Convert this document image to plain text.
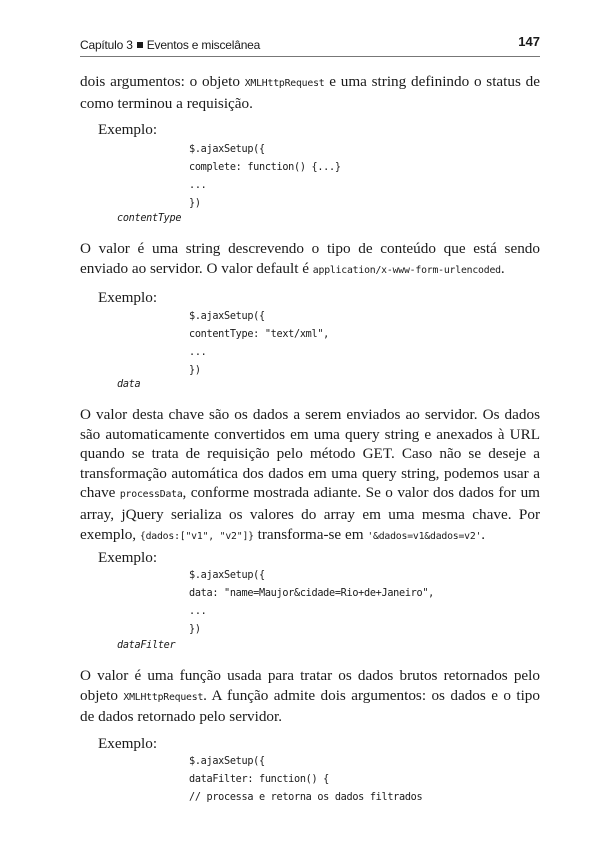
Capítulo 3 Eventos e miscelânea	147

dois argumentos: o objeto XMLHttpRequest e uma string definindo o status de como terminou a requisição.

Exemplo:
$.ajaxSetup({
complete: function() {...}
...
})
contentType

O valor é uma string descrevendo o tipo de conteúdo que está sendo enviado ao servidor. O valor default é application/x-www-form-urlencoded.

Exemplo:
$.ajaxSetup({
contentType: "text/xml",
...
})
data

O valor desta chave são os dados a serem enviados ao servidor. Os dados são automaticamente convertidos em uma query string e anexados à URL quando se trata de requisição pelo método GET. Caso não se deseje a transformação automática dos dados em uma query string, podemos usar a chave processData, conforme mostrada adiante. Se o valor dos dados for um array, jQuery serializa os valores do array em uma mesma chave. Por exemplo, {dados:["v1", "v2"]} transforma-se em '&dados=v1&dados=v2'.

Exemplo:
$.ajaxSetup({
data: "name=Maujor&cidade=Rio+de+Janeiro",
...
})
dataFilter

O valor é uma função usada para tratar os dados brutos retornados pelo objeto XMLHttpRequest. A função admite dois argumentos: os dados e o tipo de dados retornado pelo servidor.

Exemplo:
$.ajaxSetup({
dataFilter: function() {
// processa e retorna os dados filtrados
